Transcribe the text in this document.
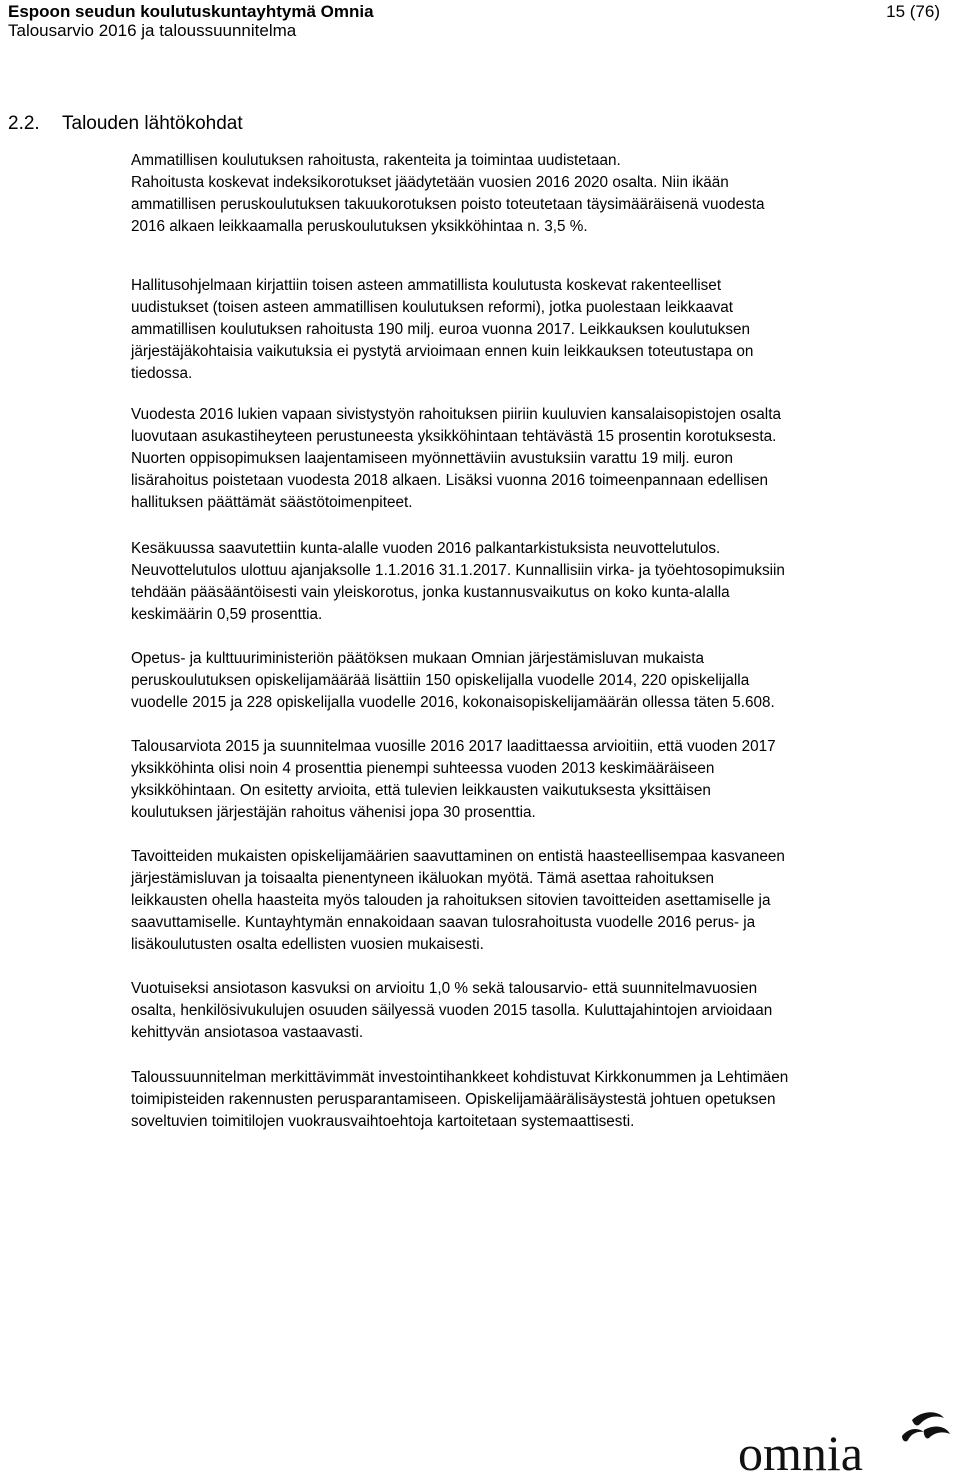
Espoon seudun koulutuskuntayhtymä Omnia
Talousarvio 2016 ja taloussuunnitelma
15 (76)
2.2. Talouden lähtökohdat

Ammatillisen koulutuksen rahoitusta, rakenteita ja toimintaa uudistetaan.
Rahoitusta koskevat indeksikorotukset jäädytetään vuosien 2016 2020 osalta. Niin ikään
ammatillisen peruskoulutuksen takuukorotuksen poisto toteutetaan täysimääräisenä vuodesta
2016 alkaen leikkaamalla peruskoulutuksen yksikköhintaa n. 3,5 %.

Hallitusohjelmaan kirjattiin toisen asteen ammatillista koulutusta koskevat rakenteelliset
uudistukset (toisen asteen ammatillisen koulutuksen reformi), jotka puolestaan leikkaavat
ammatillisen koulutuksen rahoitusta 190 milj. euroa vuonna 2017. Leikkauksen koulutuksen
järjestäjäkohtaisia vaikutuksia ei pystytä arvioimaan ennen kuin leikkauksen toteutustapa on
tiedossa.

Vuodesta 2016 lukien vapaan sivistystyön rahoituksen piiriin kuuluvien kansalaisopistojen osalta
luovutaan asukastiheyteen perustuneesta yksikköhintaan tehtävästä 15 prosentin korotuksesta.
Nuorten oppisopimuksen laajentamiseen myönnettäviin avustuksiin varattu 19 milj. euron
lisärahoitus poistetaan vuodesta 2018 alkaen. Lisäksi vuonna 2016 toimeenpannaan edellisen
hallituksen päättämät säästötoimenpiteet.

Kesäkuussa saavutettiin kunta-alalle vuoden 2016 palkantarkistuksista neuvottelutulos.
Neuvottelutulos ulottuu ajanjaksolle 1.1.2016 31.1.2017. Kunnallisiin virka- ja työehtosopimuksiin
tehdään pääsääntöisesti vain yleiskorotus, jonka kustannusvaikutus on koko kunta-alalla
keskimäärin 0,59 prosenttia.

Opetus- ja kulttuuriministeriön päätöksen mukaan Omnian järjestämisluvan mukaista
peruskoulutuksen opiskelijamäärää lisättiin 150 opiskelijalla vuodelle 2014, 220 opiskelijalla
vuodelle 2015 ja 228 opiskelijalla vuodelle 2016, kokonaisopiskelijamäärän ollessa täten 5.608.

Talousarviota 2015 ja suunnitelmaa vuosille 2016 2017 laadittaessa arvioitiin, että vuoden 2017
yksikköhinta olisi noin 4 prosenttia pienempi suhteessa vuoden 2013 keskimääräiseen
yksikköhintaan. On esitetty arvioita, että tulevien leikkausten vaikutuksesta yksittäisen
koulutuksen järjestäjän rahoitus vähenisi jopa 30 prosenttia.

Tavoitteiden mukaisten opiskelijamäärien saavuttaminen on entistä haasteellisempaa kasvaneen
järjestämisluvan ja toisaalta pienentyneen ikäluokan myötä. Tämä asettaa rahoituksen
leikkausten ohella haasteita myös talouden ja rahoituksen sitovien tavoitteiden asettamiselle ja
saavuttamiselle. Kuntayhtymän ennakoidaan saavan tulosrahoitusta vuodelle 2016 perus- ja
lisäkoulutusten osalta edellisten vuosien mukaisesti.

Vuotuiseksi ansiotason kasvuksi on arvioitu 1,0 % sekä talousarvio- että suunnitelmavuosien
osalta, henkilösivukulujen osuuden säilyessä vuoden 2015 tasolla. Kuluttajahintojen arvioidaan
kehittyvän ansiotasoa vastaavasti.

Taloussuunnitelman merkittävimmät investointihankkeet kohdistuvat Kirkkonummen ja Lehtimäen
toimipisteiden rakennusten perusparantamiseen. Opiskelijamäärälisäystestä johtuen opetuksen
soveltuvien toimitilojen vuokrausvaihtoehtoja kartoitetaan systemaattisesti.

omnia
